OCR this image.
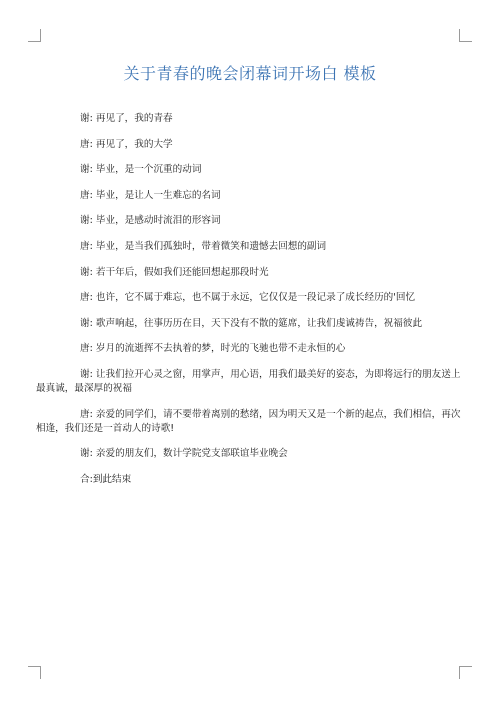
关于青春的晚会闭幕词开场白 模板

谢: 再见了，我的青春

唐: 再见了，我的大学

谢: 毕业，是一个沉重的动词

唐: 毕业，是让人一生难忘的名词

谢: 毕业，是感动时流泪的形容词

唐: 毕业，是当我们孤独时，带着微笑和遗憾去回想的副词

谢: 若干年后，假如我们还能回想起那段时光

唐: 也许，它不属于难忘，也不属于永远，它仅仅是一段记录了成长经历的'回忆

谢: 歌声响起，往事历历在目，天下没有不散的筵席，让我们虔诚祷告，祝福彼此

唐: 岁月的流逝挥不去执着的梦，时光的飞驰也带不走永恒的心

谢: 让我们拉开心灵之窗，用掌声，用心语，用我们最美好的姿态，为即将远行的朋友送上最真诚，最深厚的祝福

唐: 亲爱的同学们，请不要带着离别的愁绪，因为明天又是一个新的起点，我们相信，再次相逢，我们还是一首动人的诗歌!

谢: 亲爱的朋友们，数计学院党支部联谊毕业晚会

合:到此结束
